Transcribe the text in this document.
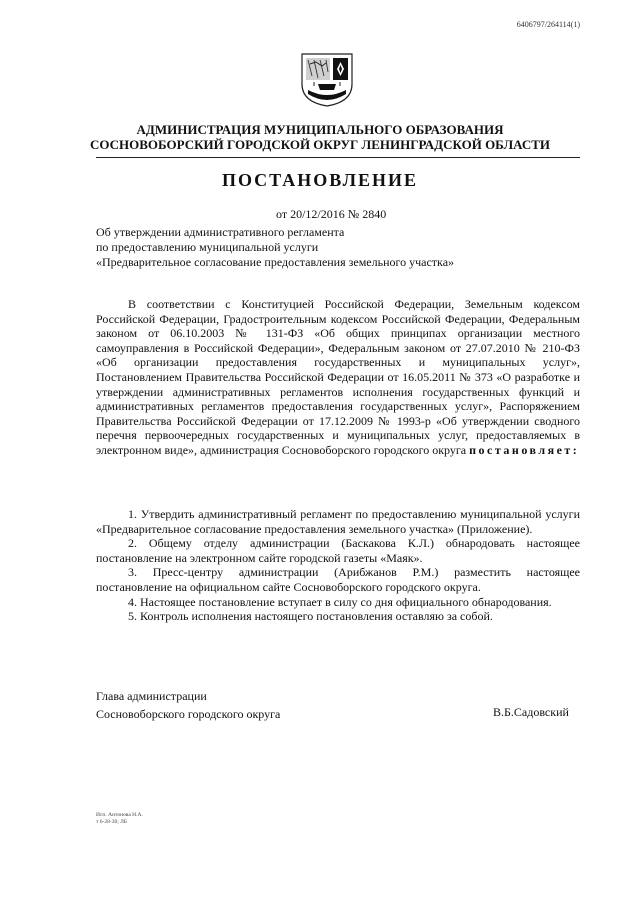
6406797/264114(1)
АДМИНИСТРАЦИЯ МУНИЦИПАЛЬНОГО ОБРАЗОВАНИЯ
СОСНОВОБОРСКИЙ ГОРОДСКОЙ ОКРУГ ЛЕНИНГРАДСКОЙ ОБЛАСТИ
ПОСТАНОВЛЕНИЕ
от 20/12/2016 № 2840
Об утверждении административного регламента
по предоставлению муниципальной услуги
«Предварительное согласование предоставления земельного участка»
В соответствии с Конституцией Российской Федерации, Земельным кодексом Российской Федерации, Градостроительным кодексом Российской Федерации, Федеральным законом от 06.10.2003 № 131-ФЗ «Об общих принципах организации местного самоуправления в Российской Федерации», Федеральным законом от 27.07.2010 № 210-ФЗ «Об организации предоставления государственных и муниципальных услуг», Постановлением Правительства Российской Федерации от 16.05.2011 № 373 «О разработке и утверждении административных регламентов исполнения государственных функций и административных регламентов предоставления государственных услуг», Распоряжением Правительства Российской Федерации от 17.12.2009 № 1993-р «Об утверждении сводного перечня первоочередных государственных и муниципальных услуг, предоставляемых в электронном виде», администрация Сосновоборского городского округа постановляет:

1. Утвердить административный регламент по предоставлению муниципальной услуги «Предварительное согласование предоставления земельного участка» (Приложение).

2. Общему отделу администрации (Баскакова К.Л.) обнародовать настоящее постановление на электронном сайте городской газеты «Маяк».

3. Пресс-центру администрации (Арибжанов Р.М.) разместить настоящее постановление на официальном сайте Сосновоборского городского округа.

4. Настоящее постановление вступает в силу со дня официального обнародования.

5. Контроль исполнения настоящего постановления оставляю за собой.

Глава администрации
Сосновоборского городского округа	В.Б.Садовский
Исп. Антонова Н.А.
т 6-28-30; ЛБ
